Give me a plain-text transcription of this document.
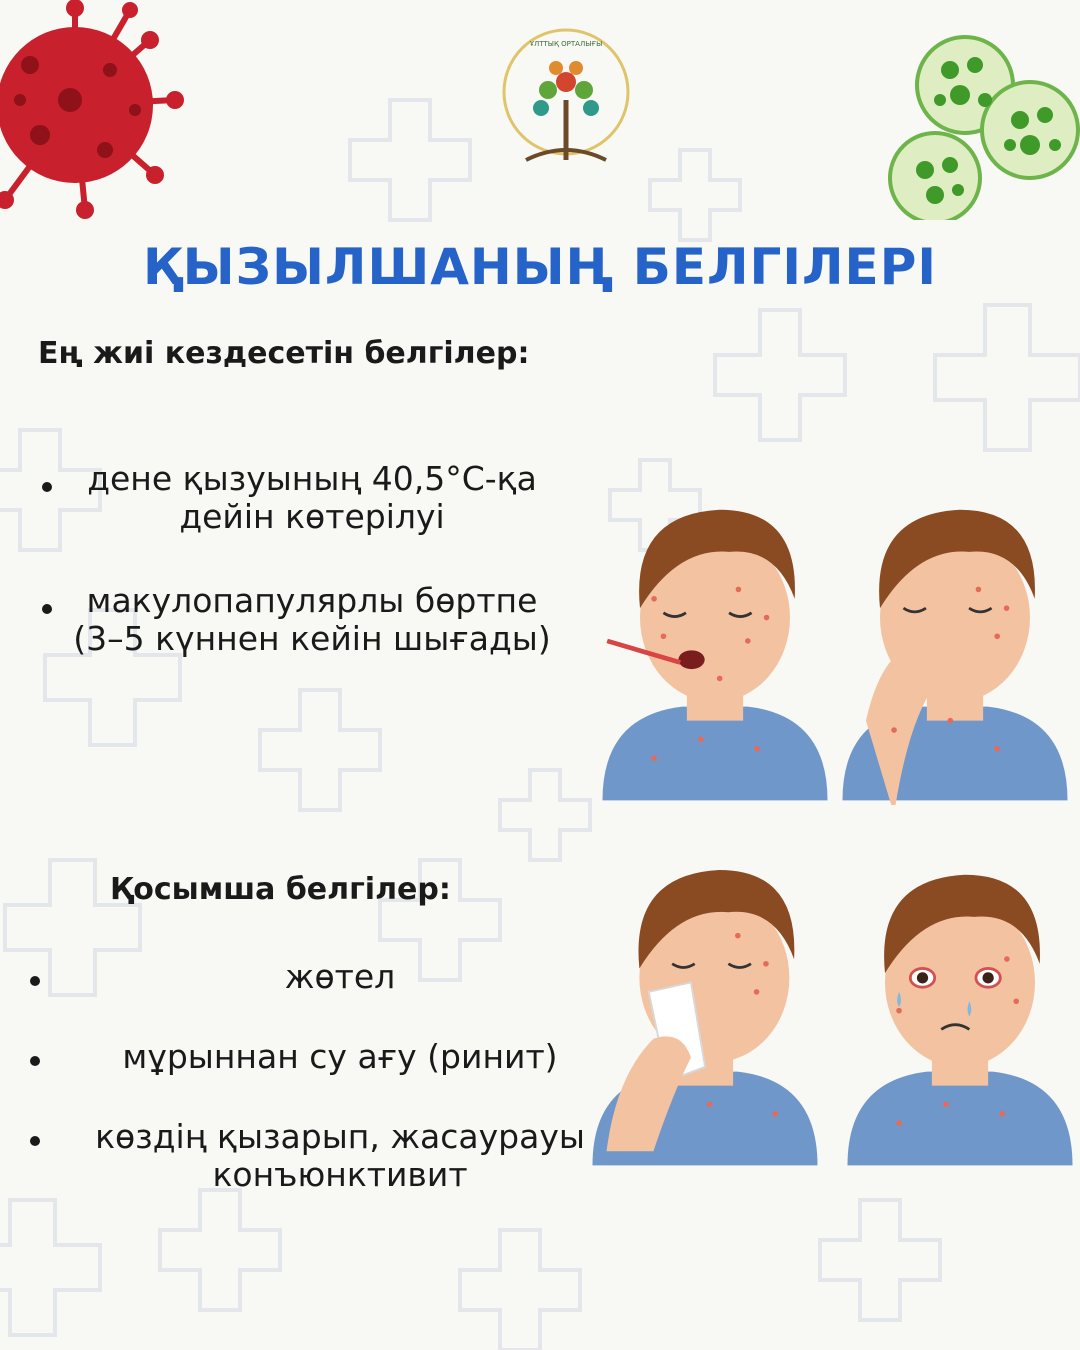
ҰЛТТЫҚ ОРТАЛЫҒЫ
ҚЫЗЫЛШАНЫҢ БЕЛГІЛЕРІ
Ең жиі кездесетін белгілер:
дене қызуының 40,5°С-қа
дейін көтерілуі
макулопапулярлы бөртпе
(3–5 күннен кейін шығады)
Қосымша белгілер:
жөтел
мұрыннан су ағу (ринит)
көздің қызарып, жасаурауы
конъюнктивит
